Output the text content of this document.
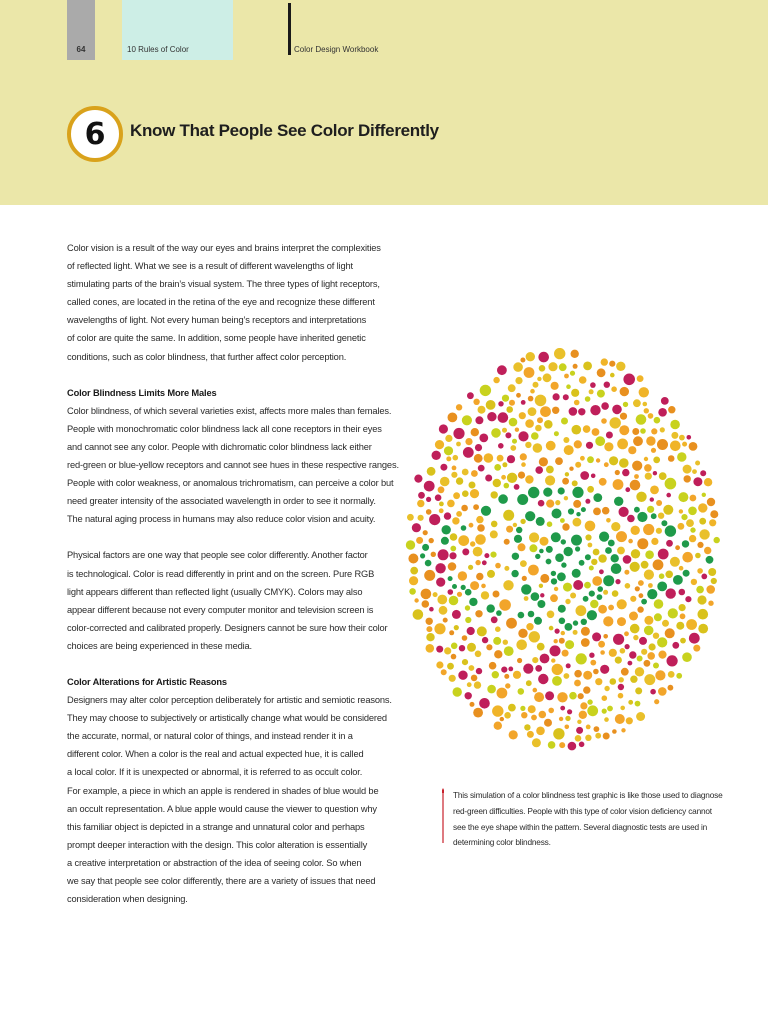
64	10 Rules of Color	Color Design Workbook
6 Know That People See Color Differently

Color vision is a result of the way our eyes and brains interpret the complexities
of reflected light. What we see is a result of different wavelengths of light
stimulating parts of the brain’s visual system. The three types of light receptors,
called cones, are located in the retina of the eye and recognize these different
wavelengths of light. Not every human being’s receptors and interpretations
of color are quite the same. In addition, some people have inherited genetic
conditions, such as color blindness, that further affect color perception.

Color Blindness Limits More Males
Color blindness, of which several varieties exist, affects more males than females.
People with monochromatic color blindness lack all cone receptors in their eyes
and cannot see any color. People with dichromatic color blindness lack either
red-green or blue-yellow receptors and cannot see hues in these respective ranges.
People with color weakness, or anomalous trichromatism, can perceive a color but
need greater intensity of the associated wavelength in order to see it normally.
The natural aging process in humans may also reduce color vision and acuity.

Physical factors are one way that people see color differently. Another factor
is technological. Color is read differently in print and on the screen. Pure RGB
light appears different than reflected light (usually CMYK). Colors may also
appear different because not every computer monitor and television screen is
color-corrected and calibrated properly. Designers cannot be sure how their color
choices are being experienced in these media.

Color Alterations for Artistic Reasons
Designers may alter color perception deliberately for artistic and semiotic reasons.
They may choose to subjectively or artistically change what would be considered
the accurate, normal, or natural color of things, and instead render it in a
different color. When a color is the real and actual expected hue, it is called
a local color. If it is unexpected or abnormal, it is referred to as occult color.
For example, a piece in which an apple is rendered in shades of blue would be
an occult representation. A blue apple would cause the viewer to question why
this familiar object is depicted in a strange and unnatural color and perhaps
prompt deeper interaction with the design. This color alteration is essentially
a creative interpretation or abstraction of the idea of seeing color. So when
we say that people see color differently, there are a variety of issues that need
consideration when designing.

This simulation of a color blindness test graphic is like those used to diagnose
red-green difficulties. People with this type of color vision deficiency cannot
see the eye shape within the pattern. Several diagnostic tests are used in
determining color blindness.
